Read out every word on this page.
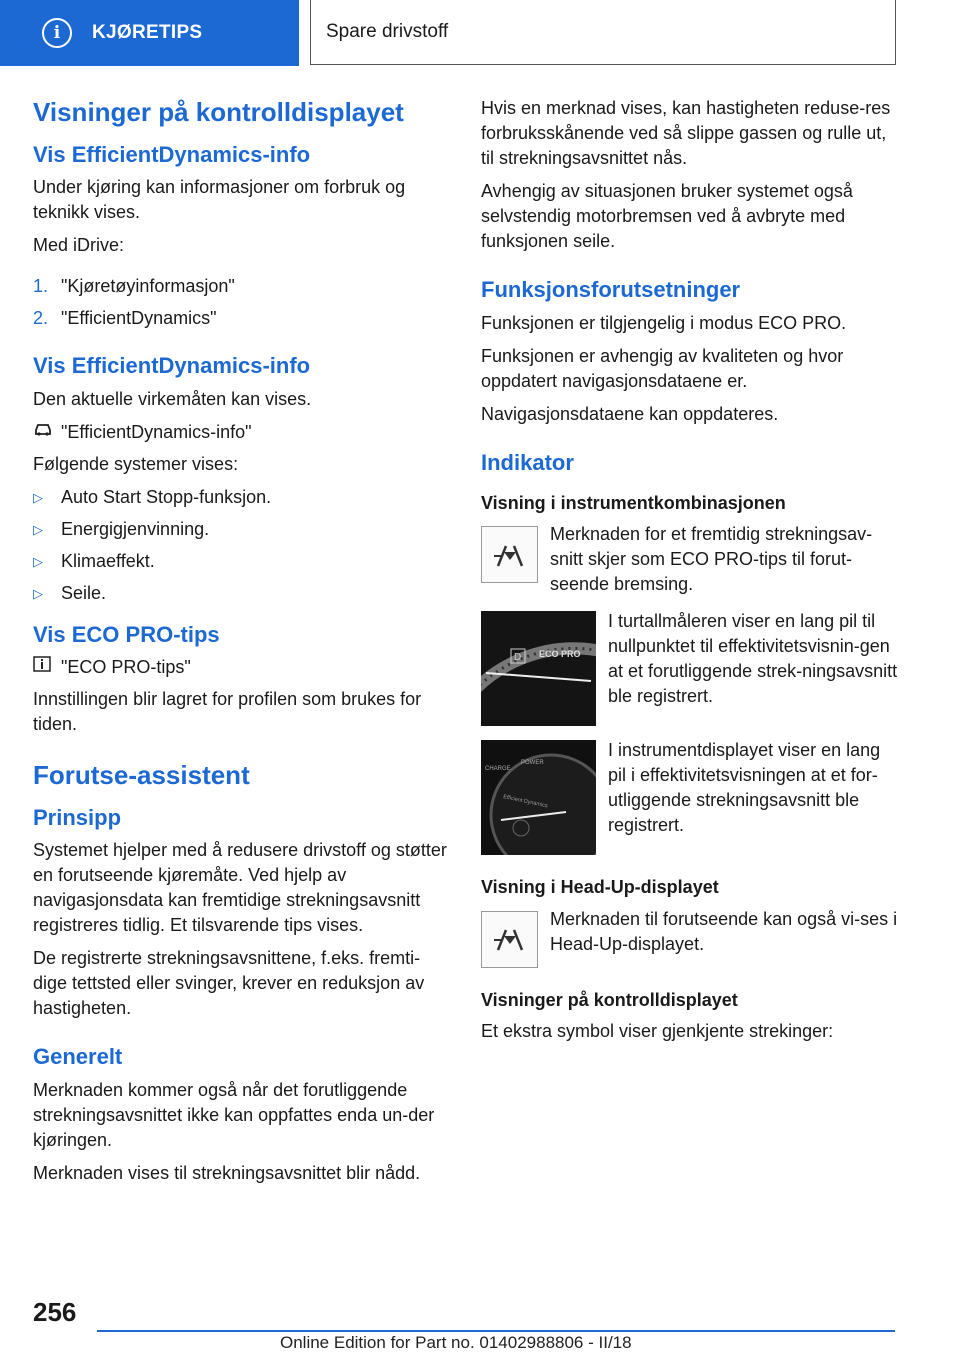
i	KJØRETIPS	Spare drivstoff
Visninger på kontrolldisplayet
Vis EfficientDynamics-info

Under kjøring kan informasjoner om forbruk og teknikk vises.

Med iDrive:

1. "Kjøretøyinformasjon"
2. "EfficientDynamics"
Vis EfficientDynamics-info

Den aktuelle virkemåten kan vises.

"EfficientDynamics-info"

Følgende systemer vises:

▷	Auto Start Stopp-funksjon.
▷	Energigjenvinning.
▷	Klimaeffekt.
▷	Seile.
Vis ECO PRO-tips
"ECO PRO-tips"

Innstillingen blir lagret for profilen som brukes for tiden.

Forutse-assistent
Prinsipp

Systemet hjelper med å redusere drivstoff og støtter en forutseende kjøremåte. Ved hjelp av navigasjonsdata kan fremtidige strekningsavsnitt registreres tidlig. Et tilsvarende tips vises.

De registrerte strekningsavsnittene, f.eks. fremti-dige tettsted eller svinger, krever en reduksjon av hastigheten.

Generelt

Merknaden kommer også når det forutliggende strekningsavsnittet ikke kan oppfattes enda un-der kjøringen.

Merknaden vises til strekningsavsnittet blir nådd.

Hvis en merknad vises, kan hastigheten reduse-res forbruksskånende ved så slippe gassen og rulle ut, til strekningsavsnittet nås.

Avhengig av situasjonen bruker systemet også selvstendig motorbremsen ved å avbryte med funksjonen seile.

Funksjonsforutsetninger

Funksjonen er tilgjengelig i modus ECO PRO.

Funksjonen er avhengig av kvaliteten og hvor oppdatert navigasjonsdataene er.

Navigasjonsdataene kan oppdateres.

Indikator
Visning i instrumentkombinasjonen

Merknaden for et fremtidig strekningsav-snitt skjer som ECO PRO-tips til forut-seende bremsing.

D ECO PRO

I turtallmåleren viser en lang pil til nullpunktet til effektivitetsvisnin-gen at et forutliggende strek-ningsavsnitt ble registrert.

CHARGE
POWER
Efficient Dynamics

I instrumentdisplayet viser en lang pil i effektivitetsvisningen at et for-utliggende strekningsavsnitt ble registrert.

Visning i Head-Up-displayet

Merknaden til forutseende kan også vi-ses i Head-Up-displayet.

Visninger på kontrolldisplayet

Et ekstra symbol viser gjenkjente strekinger:

256
Online Edition for Part no. 01402988806 - II/18
